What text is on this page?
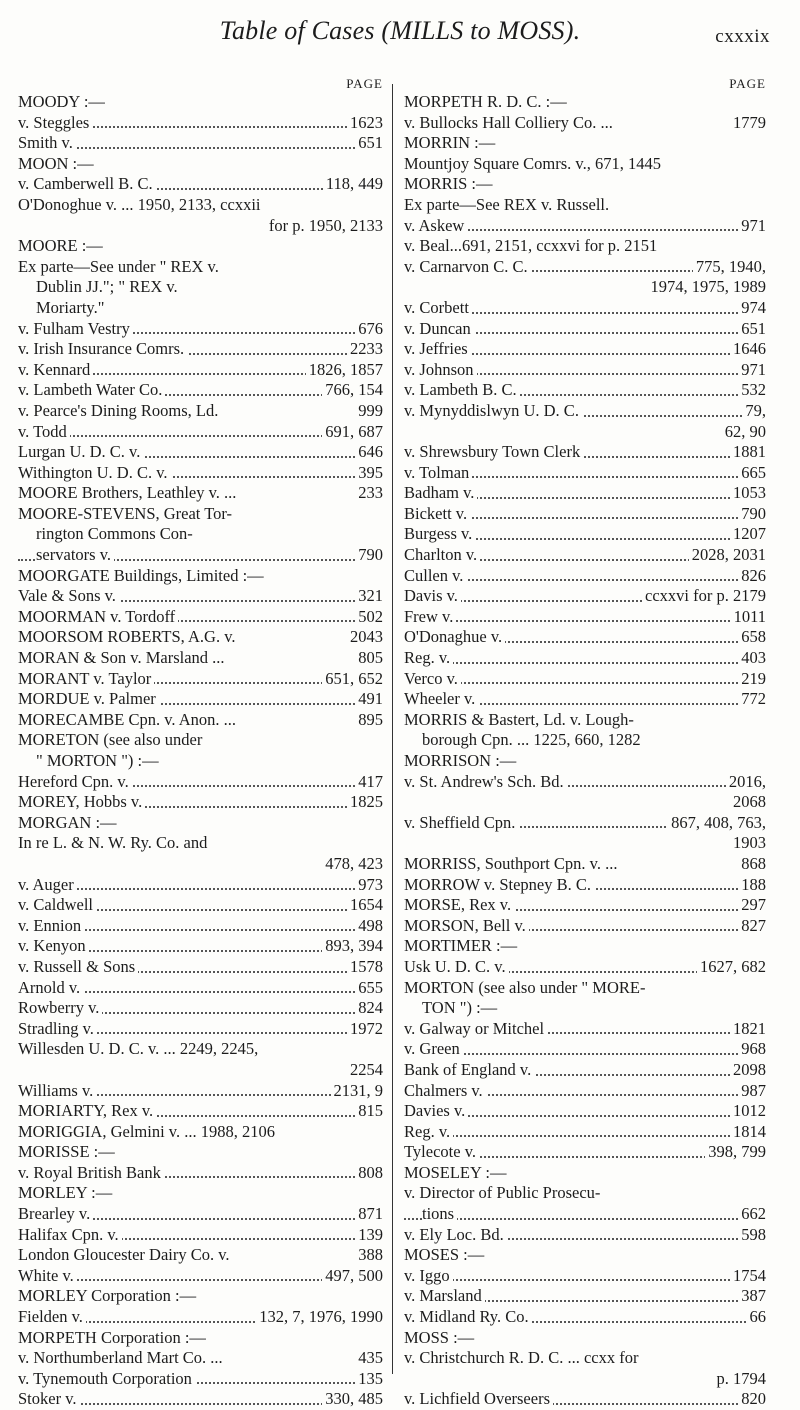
Table of Cases (MILLS to MOSS).	cxxxix
PAGE
MOODY :—
v. Steggles	1623
Smith v.	651
MOON :—
v. Camberwell B. C.	118, 449
O'Donoghue v. ... 1950, 2133, ccxxii
for p. 1950, 2133
MOORE :—
Ex parte—See under " REX v.
Dublin JJ."; " REX v.
Moriarty."
v. Fulham Vestry	676
v. Irish Insurance Comrs.	2233
v. Kennard	1826, 1857
v. Lambeth Water Co.	766, 154
v. Pearce's Dining Rooms, Ld.	999
v. Todd	691, 687
Lurgan U. D. C. v.	646
Withington U. D. C. v.	395
MOORE Brothers, Leathley v. ...	233
MOORE-STEVENS, Great Tor-
rington Commons Con-
servators v.	790
MOORGATE Buildings, Limited :—
Vale & Sons v.	321
MOORMAN v. Tordoff	502
MOORSOM ROBERTS, A.G. v.	2043
MORAN & Son v. Marsland ...	805
MORANT v. Taylor	651, 652
MORDUE v. Palmer	491
MORECAMBE Cpn. v. Anon. ...	895
MORETON (see also under
" MORTON ") :—
Hereford Cpn. v.	417
MOREY, Hobbs v.	1825
MORGAN :—
In re L. & N. W. Ry. Co. and
478, 423
v. Auger	973
v. Caldwell	1654
v. Ennion	498
v. Kenyon	893, 394
v. Russell & Sons	1578
Arnold v.	655
Rowberry v.	824
Stradling v.	1972
Willesden U. D. C. v. ... 2249, 2245,
2254
Williams v.	2131, 9
MORIARTY, Rex v.	815
MORIGGIA, Gelmini v. ... 1988, 2106
MORISSE :—
v. Royal British Bank	808
MORLEY :—
Brearley v.	871
Halifax Cpn. v.	139
London Gloucester Dairy Co. v.	388
White v.	497, 500
MORLEY Corporation :—
Fielden v.	132, 7, 1976, 1990
MORPETH Corporation :—
v. Northumberland Mart Co. ...	435
v. Tynemouth Corporation	135
Stoker v.	330, 485
PAGE
MORPETH R. D. C. :—
v. Bullocks Hall Colliery Co. ...	1779
MORRIN :—
Mountjoy Square Comrs. v., 671, 1445
MORRIS :—
Ex parte—See REX v. Russell.
v. Askew	971
v. Beal...691, 2151, ccxxvi for p. 2151
v. Carnarvon C. C.	775, 1940,
1974, 1975, 1989
v. Corbett	974
v. Duncan	651
v. Jeffries	1646
v. Johnson	971
v. Lambeth B. C.	532
v. Mynyddislwyn U. D. C.	79,
62, 90
v. Shrewsbury Town Clerk	1881
v. Tolman	665
Badham v.	1053
Bickett v.	790
Burgess v.	1207
Charlton v.	2028, 2031
Cullen v.	826
Davis v.	ccxxvi for p. 2179
Frew v.	1011
O'Donaghue v.	658
Reg. v.	403
Verco v.	219
Wheeler v.	772
MORRIS & Bastert, Ld. v. Lough-
borough Cpn. ... 1225, 660, 1282
MORRISON :—
v. St. Andrew's Sch. Bd.	2016,
2068
v. Sheffield Cpn.	867, 408, 763,
1903
MORRISS, Southport Cpn. v. ...	868
MORROW v. Stepney B. C.	188
MORSE, Rex v.	297
MORSON, Bell v.	827
MORTIMER :—
Usk U. D. C. v.	1627, 682
MORTON (see also under " MORE-
TON ") :—
v. Galway or Mitchel	1821
v. Green	968
Bank of England v.	2098
Chalmers v.	987
Davies v.	1012
Reg. v.	1814
Tylecote v.	398, 799
MOSELEY :—
v. Director of Public Prosecu-
tions	662
v. Ely Loc. Bd.	598
MOSES :—
v. Iggo	1754
v. Marsland	387
v. Midland Ry. Co.	66
MOSS :—
v. Christchurch R. D. C. ... ccxx for
p. 1794
v. Lichfield Overseers	820
